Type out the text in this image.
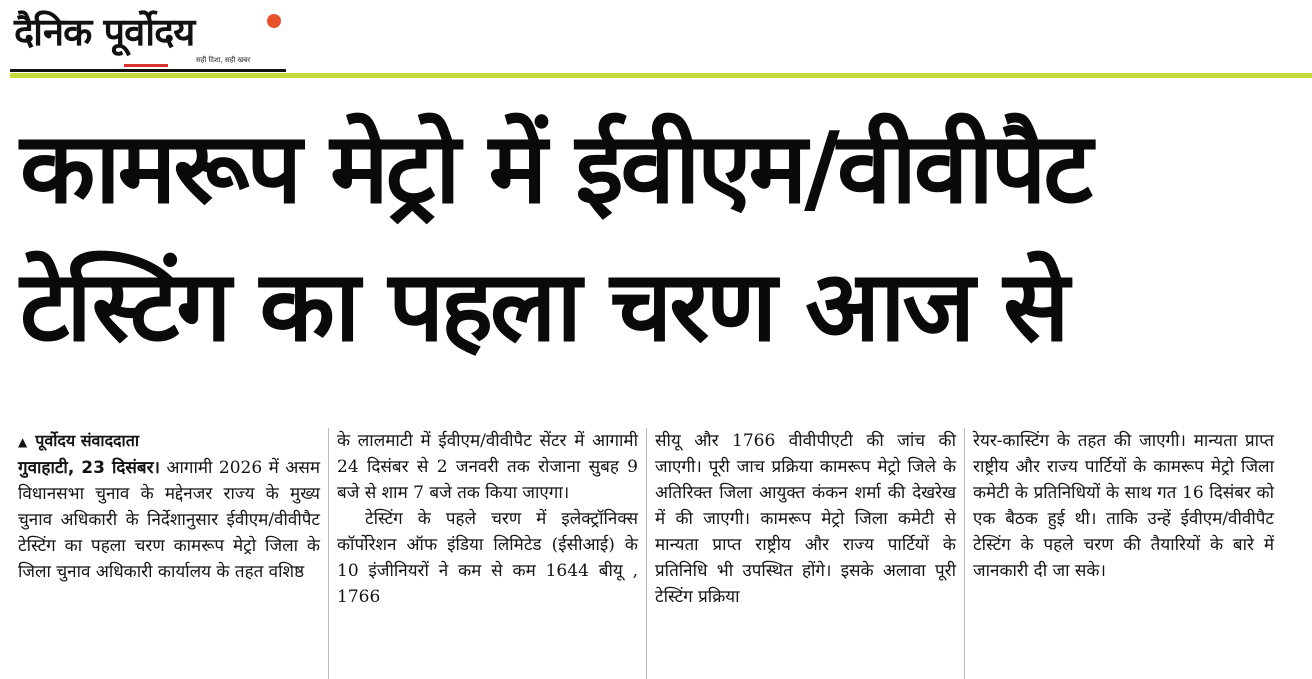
दैनिक पूर्वोदय
सही दिशा, सही खबर
कामरूप मेट्रो में ईवीएम/वीवीपैट
टेस्टिंग का पहला चरण आज से

▲ पूर्वोदय संवाददाता

गुवाहाटी, 23 दिसंबर। आगामी 2026 में असम विधानसभा चुनाव के मद्देनजर राज्य के मुख्य चुनाव अधिकारी के निर्देशानुसार ईवीएम/वीवीपैट टेस्टिंग का पहला चरण कामरूप मेट्रो जिला के जिला चुनाव अधिकारी कार्यालय के तहत वशिष्ठ

के लालमाटी में ईवीएम/वीवीपैट सेंटर में आगामी 24 दिसंबर से 2 जनवरी तक रोजाना सुबह 9 बजे से शाम 7 बजे तक किया जाएगा।

टेस्टिंग के पहले चरण में इलेक्ट्रॉनिक्स कॉर्पोरेशन ऑफ इंडिया लिमिटेड (ईसीआई) के 10 इंजीनियरों ने कम से कम 1644 बीयू , 1766

सीयू और 1766 वीवीपीएटी की जांच की जाएगी। पूरी जाच प्रक्रिया कामरूप मेट्रो जिले के अतिरिक्त जिला आयुक्त कंकन शर्मा की देखरेख में की जाएगी। कामरूप मेट्रो जिला कमेटी से मान्यता प्राप्त राष्ट्रीय और राज्य पार्टियों के प्रतिनिधि भी उपस्थित होंगे। इसके अलावा पूरी टेस्टिंग प्रक्रिया

रेयर-कास्टिंग के तहत की जाएगी। मान्यता प्राप्त राष्ट्रीय और राज्य पार्टियों के कामरूप मेट्रो जिला कमेटी के प्रतिनिधियों के साथ गत 16 दिसंबर को एक बैठक हुई थी। ताकि उन्हें ईवीएम/वीवीपैट टेस्टिंग के पहले चरण की तैयारियों के बारे में जानकारी दी जा सके।
